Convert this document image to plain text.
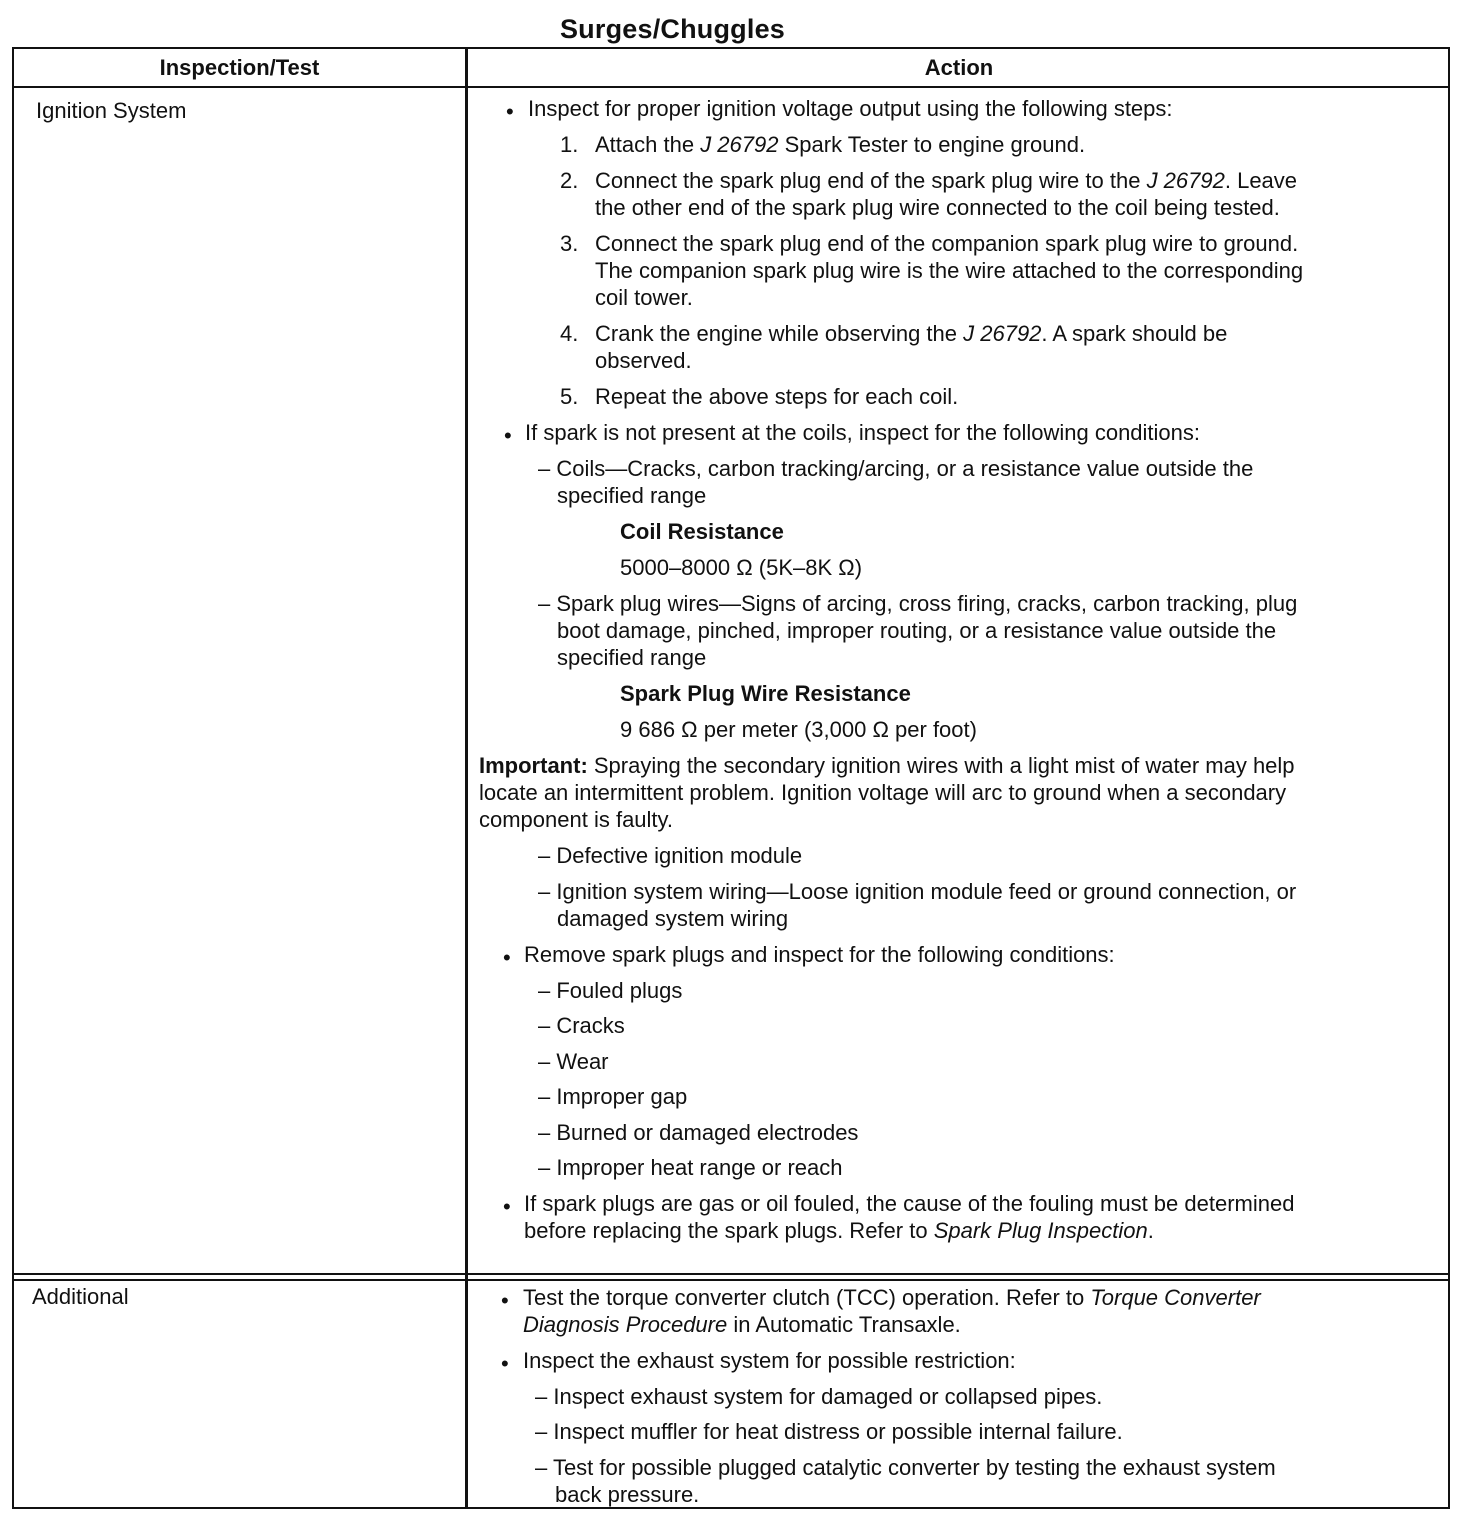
Surges/Chuggles
Inspection/Test	Action
Ignition System
Additional
• Inspect for proper ignition voltage output using the following steps:
1. Attach the J 26792 Spark Tester to engine ground.
2. Connect the spark plug end of the spark plug wire to the J 26792. Leave
the other end of the spark plug wire connected to the coil being tested.
3. Connect the spark plug end of the companion spark plug wire to ground.
The companion spark plug wire is the wire attached to the corresponding
coil tower.
4. Crank the engine while observing the J 26792. A spark should be
observed.
5. Repeat the above steps for each coil.
• If spark is not present at the coils, inspect for the following conditions:
– Coils—Cracks, carbon tracking/arcing, or a resistance value outside the
specified range
Coil Resistance
5000–8000 Ω (5K–8K Ω)
– Spark plug wires—Signs of arcing, cross firing, cracks, carbon tracking, plug
boot damage, pinched, improper routing, or a resistance value outside the
specified range
Spark Plug Wire Resistance
9 686 Ω per meter (3,000 Ω per foot)
Important: Spraying the secondary ignition wires with a light mist of water may help
locate an intermittent problem. Ignition voltage will arc to ground when a secondary
component is faulty.
– Defective ignition module
– Ignition system wiring—Loose ignition module feed or ground connection, or
damaged system wiring
• Remove spark plugs and inspect for the following conditions:
– Fouled plugs
– Cracks
– Wear
– Improper gap
– Burned or damaged electrodes
– Improper heat range or reach
• If spark plugs are gas or oil fouled, the cause of the fouling must be determined
before replacing the spark plugs. Refer to Spark Plug Inspection.
• Test the torque converter clutch (TCC) operation. Refer to Torque Converter
Diagnosis Procedure in Automatic Transaxle.
• Inspect the exhaust system for possible restriction:
– Inspect exhaust system for damaged or collapsed pipes.
– Inspect muffler for heat distress or possible internal failure.
– Test for possible plugged catalytic converter by testing the exhaust system
back pressure.
